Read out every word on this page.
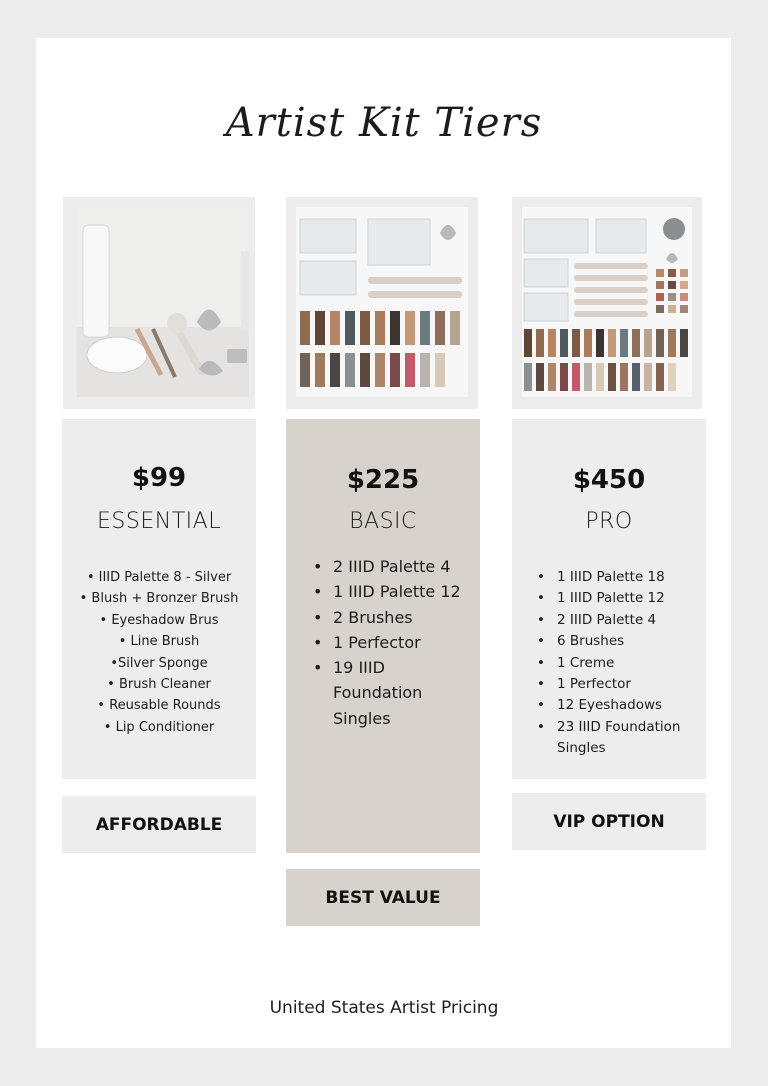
Artist Kit Tiers
$99
ESSENTIAL
• IIID Palette 8 - Silver
• Blush + Bronzer Brush
• Eyeshadow Brus
• Line Brush
•Silver Sponge
• Brush Cleaner
• Reusable Rounds
• Lip Conditioner
$225
BASIC
• 2 IIID Palette 4
• 1 IIID Palette 12
• 2 Brushes
• 1 Perfector
• 19 IIID Foundation Singles
$450
PRO
• 1 IIID Palette 18
• 1 IIID Palette 12
• 2 IIID Palette 4
• 6 Brushes
• 1 Creme
• 1 Perfector
• 12 Eyeshadows
• 23 IIID Foundation Singles
AFFORDABLE
BEST VALUE
VIP OPTION
United States Artist Pricing
